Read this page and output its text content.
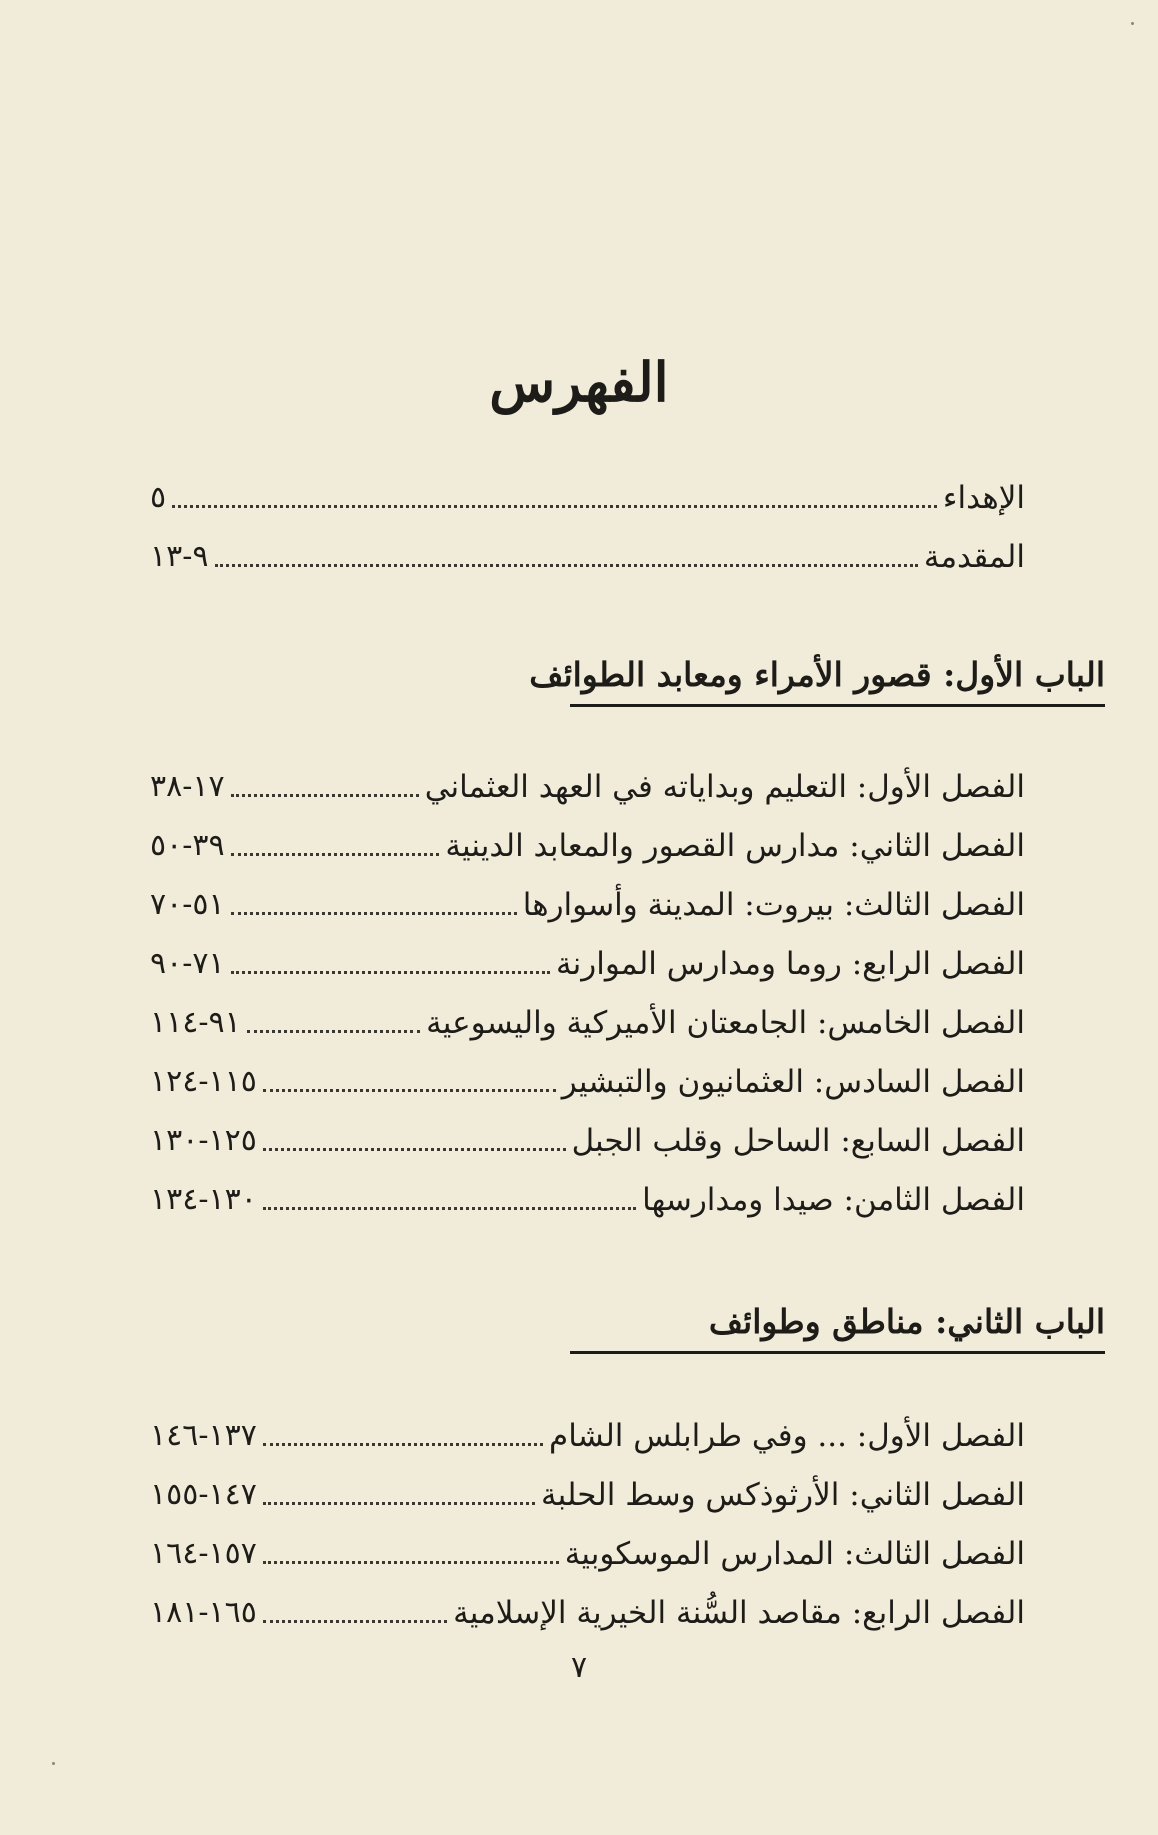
الفهرس
الإهداء
٥
المقدمة
٩-١٣
الباب الأول: قصور الأمراء ومعابد الطوائف
الفصل الأول: التعليم وبداياته في العهد العثماني
١٧-٣٨
الفصل الثاني: مدارس القصور والمعابد الدينية
٣٩-٥٠
الفصل الثالث: بيروت: المدينة وأسوارها
٥١-٧٠
الفصل الرابع: روما ومدارس الموارنة
٧١-٩٠
الفصل الخامس: الجامعتان الأميركية واليسوعية
٩١-١١٤
الفصل السادس: العثمانيون والتبشير
١١٥-١٢٤
الفصل السابع: الساحل وقلب الجبل
١٢٥-١٣٠
الفصل الثامن: صيدا ومدارسها
١٣٠-١٣٤
الباب الثاني: مناطق وطوائف
الفصل الأول: ... وفي طرابلس الشام
١٣٧-١٤٦
الفصل الثاني: الأرثوذكس وسط الحلبة
١٤٧-١٥٥
الفصل الثالث: المدارس الموسكوبية
١٥٧-١٦٤
الفصل الرابع: مقاصد السُّنة الخيرية الإسلامية
١٦٥-١٨١
٧
